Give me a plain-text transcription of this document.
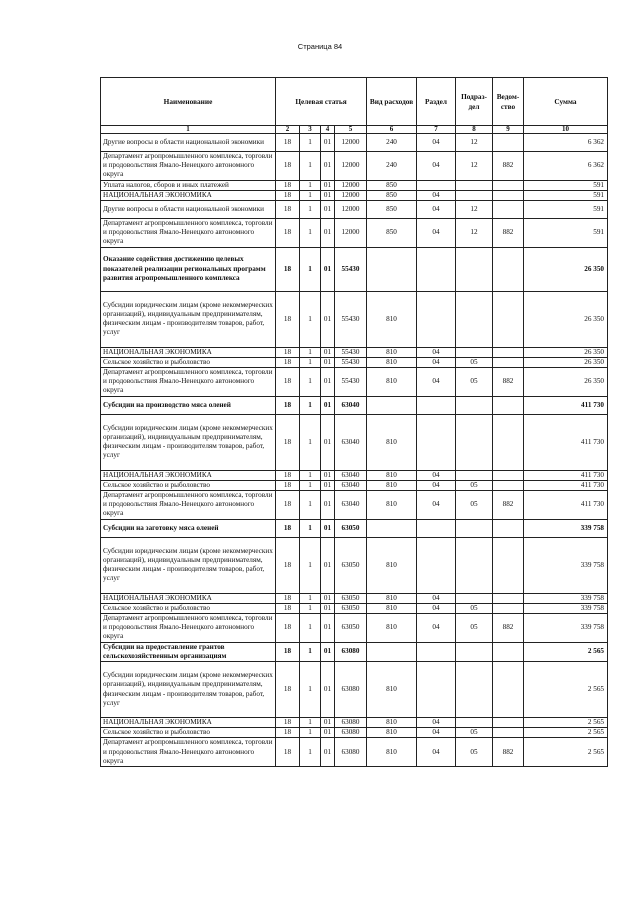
Страница 84
Наименование	Целевая статья				Вид расходов	Раздел	Подраз-дел	Ведом-ство	Сумма
1	2	3	4	5	6	7	8	9	10
Другие вопросы в области национальной экономики	18	1	01	12000	240	04	12		6 362
Департамент агропромышленного комплекса, торговли и продовольствия Ямало-Ненецкого автономного округа	18	1	01	12000	240	04	12	882	6 362
Уплата налогов, сборов и иных платежей	18	1	01	12000	850				591
НАЦИОНАЛЬНАЯ ЭКОНОМИКА	18	1	01	12000	850	04			591
Другие вопросы в области национальной экономики	18	1	01	12000	850	04	12		591
Департамент агропромышленного комплекса, торговли и продовольствия Ямало-Ненецкого автономного округа	18	1	01	12000	850	04	12	882	591
Оказание содействия достижению целевых показателей реализации региональных программ развития агропромышленного комплекса	18	1	01	55430					26 350
Субсидии юридическим лицам (кроме некоммерческих организаций), индивидуальным предпринимателям, физическим лицам - производителям товаров, работ, услуг	18	1	01	55430	810				26 350
НАЦИОНАЛЬНАЯ ЭКОНОМИКА	18	1	01	55430	810	04			26 350
Сельское хозяйство и рыболовство	18	1	01	55430	810	04	05		26 350
Департамент агропромышленного комплекса, торговли и продовольствия Ямало-Ненецкого автономного округа	18	1	01	55430	810	04	05	882	26 350
Субсидии на производство мяса оленей	18	1	01	63040					411 730
Субсидии юридическим лицам (кроме некоммерческих организаций), индивидуальным предпринимателям, физическим лицам - производителям товаров, работ, услуг	18	1	01	63040	810				411 730
НАЦИОНАЛЬНАЯ ЭКОНОМИКА	18	1	01	63040	810	04			411 730
Сельское хозяйство и рыболовство	18	1	01	63040	810	04	05		411 730
Департамент агропромышленного комплекса, торговли и продовольствия Ямало-Ненецкого автономного округа	18	1	01	63040	810	04	05	882	411 730
Субсидии на заготовку мяса оленей	18	1	01	63050					339 758
Субсидии юридическим лицам (кроме некоммерческих организаций), индивидуальным предпринимателям, физическим лицам - производителям товаров, работ, услуг	18	1	01	63050	810				339 758
НАЦИОНАЛЬНАЯ ЭКОНОМИКА	18	1	01	63050	810	04			339 758
Сельское хозяйство и рыболовство	18	1	01	63050	810	04	05		339 758
Департамент агропромышленного комплекса, торговли и продовольствия Ямало-Ненецкого автономного округа	18	1	01	63050	810	04	05	882	339 758
Субсидии на предоставление грантов сельскохозяйственным организациям	18	1	01	63080					2 565
Субсидии юридическим лицам (кроме некоммерческих организаций), индивидуальным предпринимателям, физическим лицам - производителям товаров, работ, услуг	18	1	01	63080	810				2 565
НАЦИОНАЛЬНАЯ ЭКОНОМИКА	18	1	01	63080	810	04			2 565
Сельское хозяйство и рыболовство	18	1	01	63080	810	04	05		2 565
Департамент агропромышленного комплекса, торговли и продовольствия Ямало-Ненецкого автономного округа	18	1	01	63080	810	04	05	882	2 565
